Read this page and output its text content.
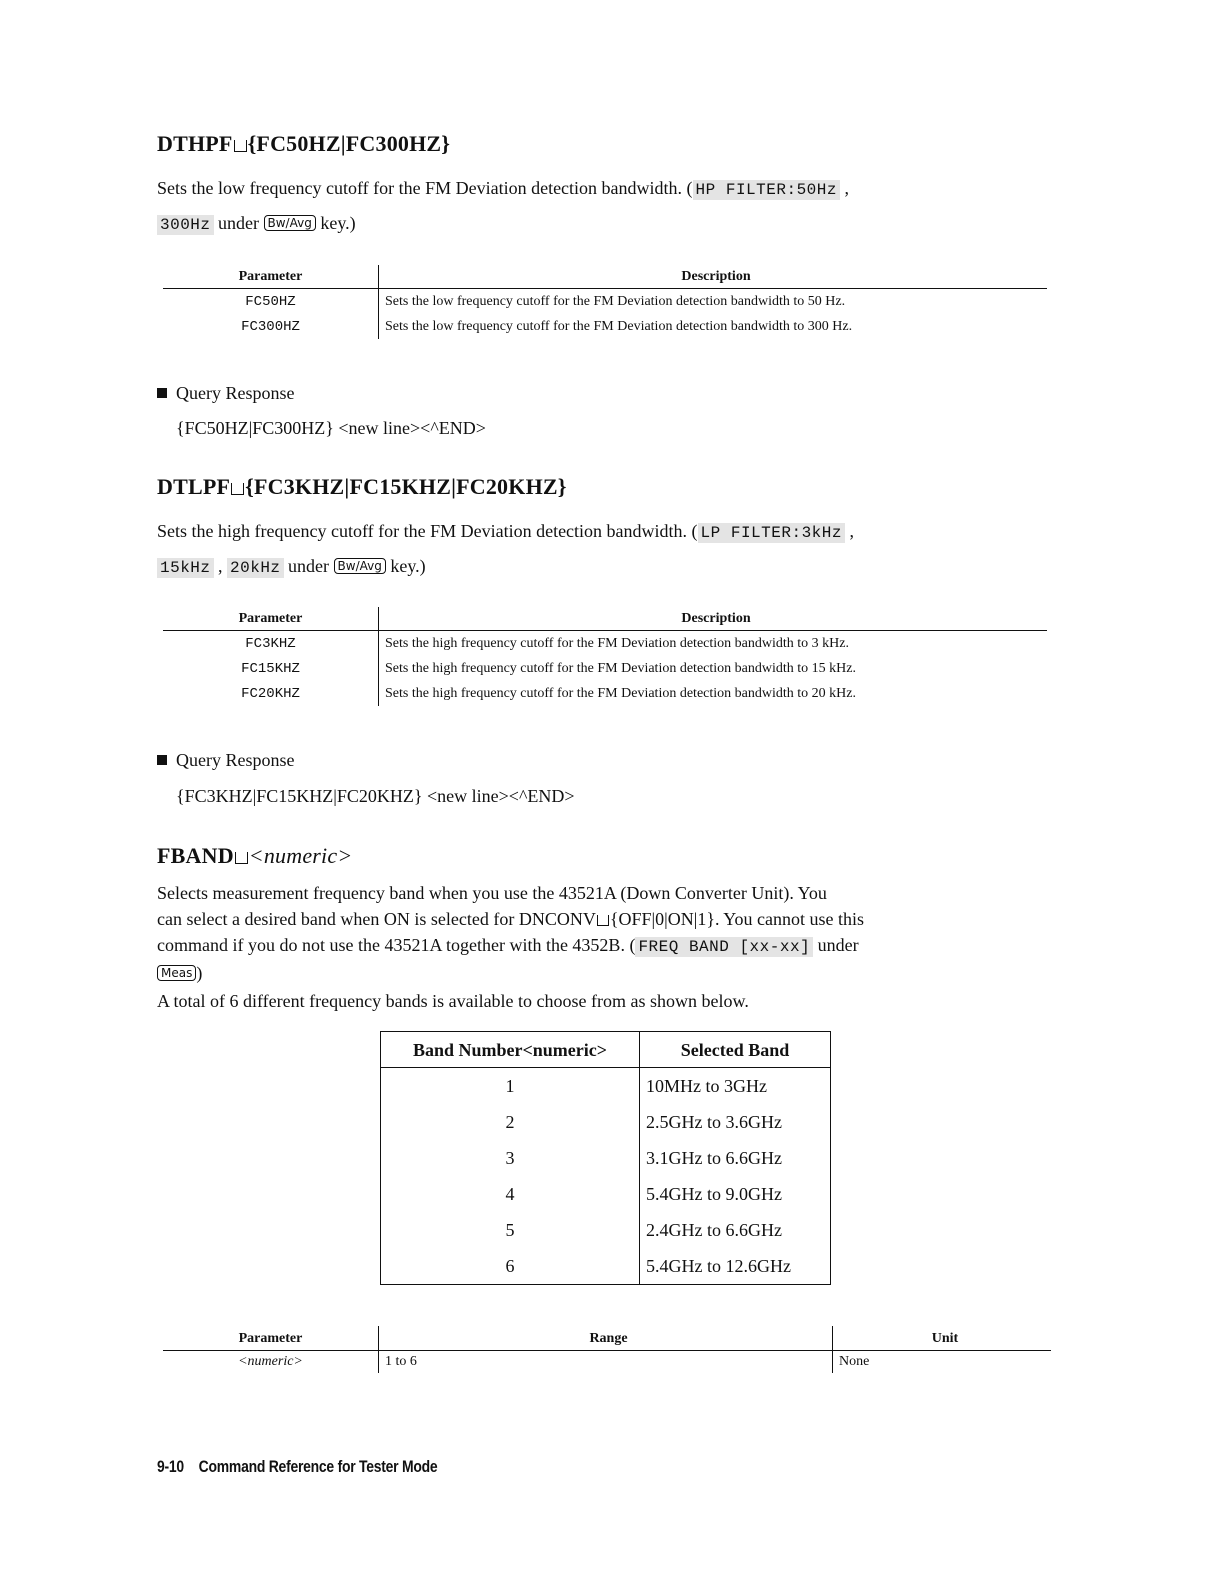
DTHPF {FC50HZ|FC300HZ}
Sets the low frequency cutoff for the FM Deviation detection bandwidth. ( HP FILTER:50Hz ,
300Hz under Bw/Avg key.)
Parameter	Description
FC50HZ	Sets the low frequency cutoff for the FM Deviation detection bandwidth to 50 Hz.
FC300HZ	Sets the low frequency cutoff for the FM Deviation detection bandwidth to 300 Hz.
Query Response
{FC50HZ|FC300HZ} <new line><^END>
DTLPF {FC3KHZ|FC15KHZ|FC20KHZ}
Sets the high frequency cutoff for the FM Deviation detection bandwidth. ( LP FILTER:3kHz ,
15kHz , 20kHz under Bw/Avg key.)
Parameter	Description
FC3KHZ	Sets the high frequency cutoff for the FM Deviation detection bandwidth to 3 kHz.
FC15KHZ	Sets the high frequency cutoff for the FM Deviation detection bandwidth to 15 kHz.
FC20KHZ	Sets the high frequency cutoff for the FM Deviation detection bandwidth to 20 kHz.
Query Response
{FC3KHZ|FC15KHZ|FC20KHZ} <new line><^END>
FBAND <numeric>
Selects measurement frequency band when you use the 43521A (Down Converter Unit). You
can select a desired band when ON is selected for DNCONV {OFF|0|ON|1}. You cannot use this
command if you do not use the 43521A together with the 4352B. ( FREQ BAND [xx-xx] under
Meas )
A total of 6 different frequency bands is available to choose from as shown below.
Band Number<numeric>	Selected Band
1	10MHz to 3GHz
2	2.5GHz to 3.6GHz
3	3.1GHz to 6.6GHz
4	5.4GHz to 9.0GHz
5	2.4GHz to 6.6GHz
6	5.4GHz to 12.6GHz
Parameter	Range	Unit
<numeric>	1 to 6	None
9-10 Command Reference for Tester Mode
